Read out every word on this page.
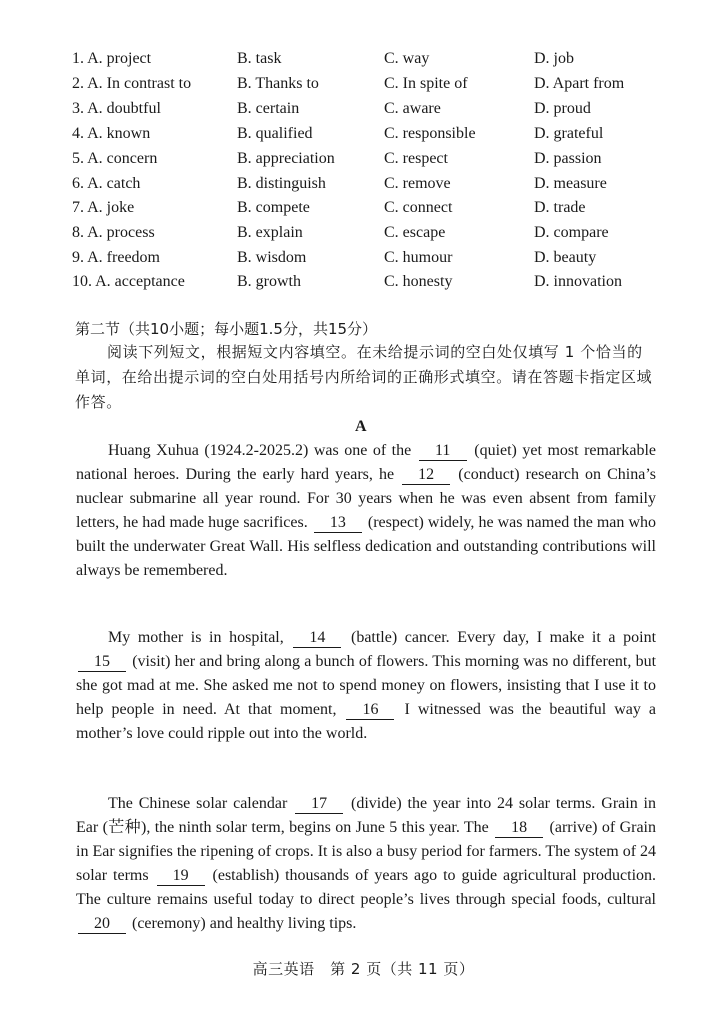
1. A. project	B. task	C. way	D. job
2. A. In contrast to	B. Thanks to	C. In spite of	D. Apart from
3. A. doubtful	B. certain	C. aware	D. proud
4. A. known	B. qualified	C. responsible	D. grateful
5. A. concern	B. appreciation	C. respect	D. passion
6. A. catch	B. distinguish	C. remove	D. measure
7. A. joke	B. compete	C. connect	D. trade
8. A. process	B. explain	C. escape	D. compare
9. A. freedom	B. wisdom	C. humour	D. beauty
10. A. acceptance	B. growth	C. honesty	D. innovation
第二节（共10小题；每小题1.5分，共15分）
阅读下列短文，根据短文内容填空。在未给提示词的空白处仅填写 1 个恰当的单词，在给出提示词的空白处用括号内所给词的正确形式填空。请在答题卡指定区域作答。
A
Huang Xuhua (1924.2-2025.2) was one of the 11 (quiet) yet most remarkable national heroes. During the early hard years, he 12 (conduct) research on China’s nuclear submarine all year round. For 30 years when he was even absent from family letters, he had made huge sacrifices. 13 (respect) widely, he was named the man who built the underwater Great Wall. His selfless dedication and outstanding contributions will always be remembered.
My mother is in hospital, 14 (battle) cancer. Every day, I make it a point 15 (visit) her and bring along a bunch of flowers. This morning was no different, but she got mad at me. She asked me not to spend money on flowers, insisting that I use it to help people in need. At that moment, 16 I witnessed was the beautiful way a mother’s love could ripple out into the world.
The Chinese solar calendar 17 (divide) the year into 24 solar terms. Grain in Ear (芒种), the ninth solar term, begins on June 5 this year. The 18 (arrive) of Grain in Ear signifies the ripening of crops. It is also a busy period for farmers. The system of 24 solar terms 19 (establish) thousands of years ago to guide agricultural production. The culture remains useful today to direct people’s lives through special foods, cultural 20 (ceremony) and healthy living tips.
高三英语　第 2 页（共 11 页）
